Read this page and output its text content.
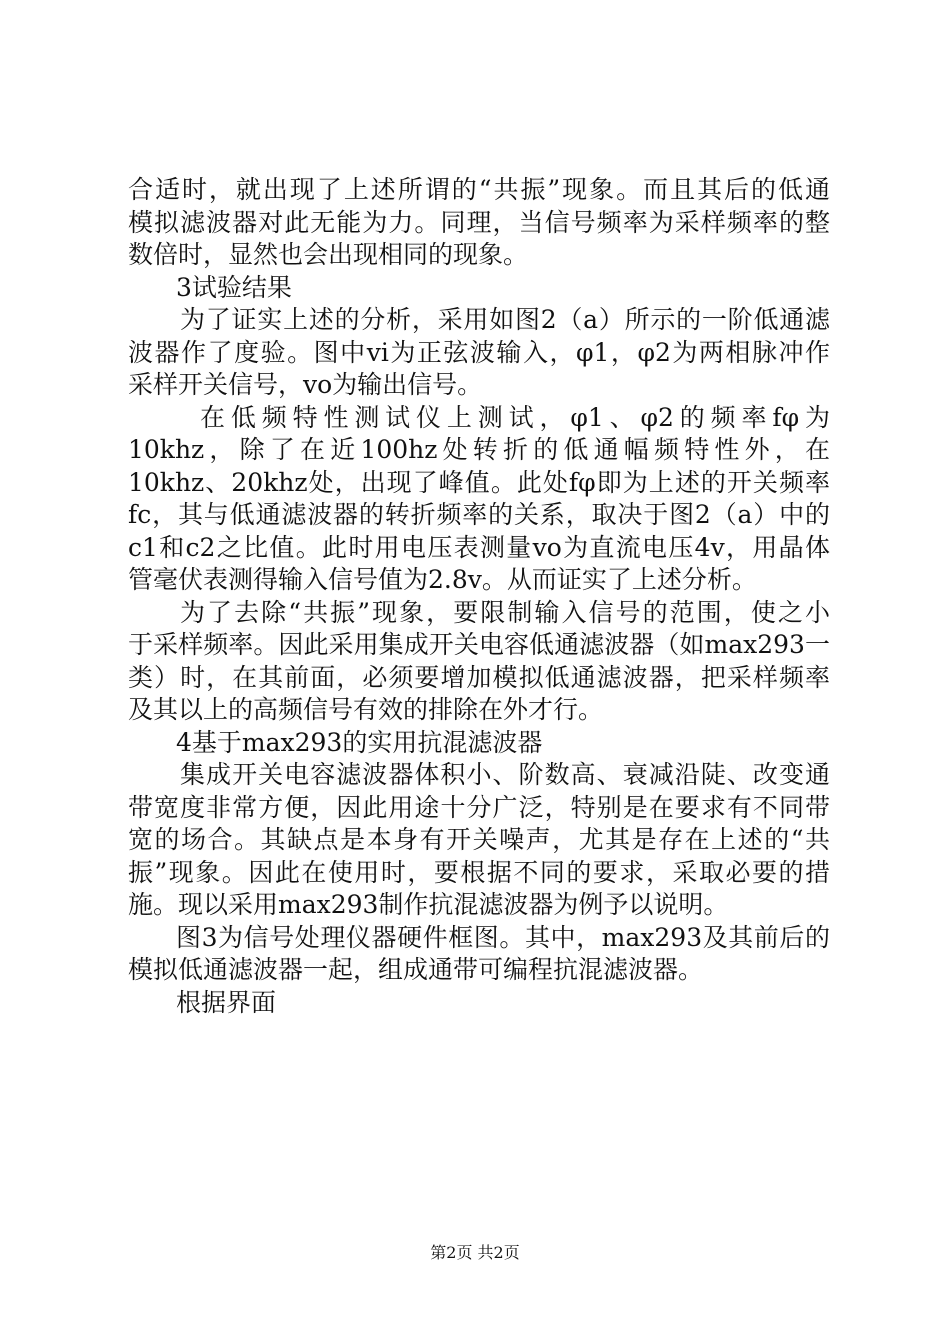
合适时，就出现了上述所谓的“共振”现象。而且其后的低通
模拟滤波器对此无能为力。同理，当信号频率为采样频率的整
数倍时，显然也会出现相同的现象。
3试验结果
为了证实上述的分析，采用如图2（a）所示的一阶低通滤
波器作了度验。图中vi为正弦波输入，φ1，φ2为两相脉冲作
采样开关信号，vo为输出信号。
在低频特性测试仪上测试，φ1、φ2的频率fφ为
10khz，除了在近100hz处转折的低通幅频特性外，在
10khz、20khz处，出现了峰值。此处fφ即为上述的开关频率
fc，其与低通滤波器的转折频率的关系，取决于图2（a）中的
c1和c2之比值。此时用电压表测量vo为直流电压4v，用晶体
管毫伏表测得输入信号值为2.8v。从而证实了上述分析。
为了去除“共振”现象，要限制输入信号的范围，使之小
于采样频率。因此采用集成开关电容低通滤波器（如max293一
类）时，在其前面，必须要增加模拟低通滤波器，把采样频率
及其以上的高频信号有效的排除在外才行。
4基于max293的实用抗混滤波器
集成开关电容滤波器体积小、阶数高、衰减沿陡、改变通
带宽度非常方便，因此用途十分广泛，特别是在要求有不同带
宽的场合。其缺点是本身有开关噪声，尤其是存在上述的“共
振”现象。因此在使用时，要根据不同的要求，采取必要的措
施。现以采用max293制作抗混滤波器为例予以说明。
图3为信号处理仪器硬件框图。其中，max293及其前后的
模拟低通滤波器一起，组成通带可编程抗混滤波器。
根据界面
第2页 共2页
